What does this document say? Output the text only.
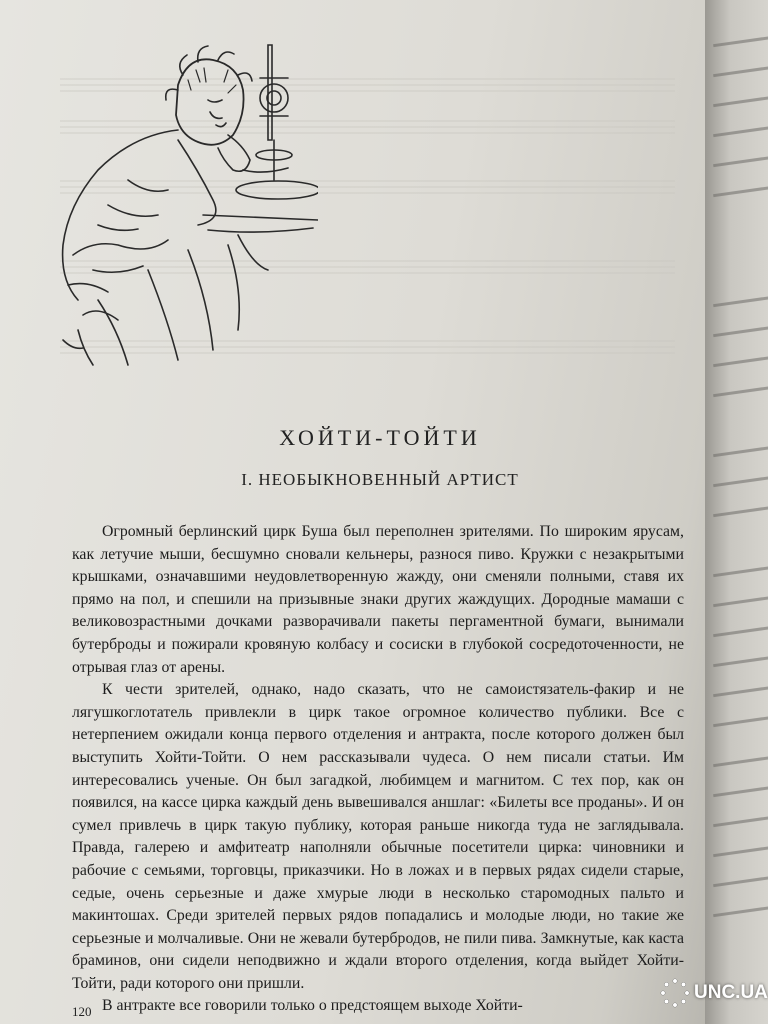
ХОЙТИ-ТОЙТИ
I. НЕОБЫКНОВЕННЫЙ АРТИСТ

Огромный берлинский цирк Буша был переполнен зрителями. По широким ярусам, как летучие мыши, бесшумно сновали кельнеры, разнося пиво. Кружки с незакрытыми крышками, означавшими неудовлетворенную жажду, они сменяли полными, ставя их прямо на пол, и спешили на призывные знаки других жаждущих. Дородные мамаши с великовозрастными дочками разворачивали пакеты пергаментной бумаги, вынимали бутерброды и пожирали кровяную колбасу и сосиски в глубокой сосредоточенности, не отрывая глаз от арены.

К чести зрителей, однако, надо сказать, что не самоистязатель-факир и не лягушкоглотатель привлекли в цирк такое огромное количество публики. Все с нетерпением ожидали конца первого отделения и антракта, после которого должен был выступить Хойти-Тойти. О нем рассказывали чудеса. О нем писали статьи. Им интересовались ученые. Он был загадкой, любимцем и магнитом. С тех пор, как он появился, на кассе цирка каждый день вывешивался аншлаг: «Билеты все проданы». И он сумел привлечь в цирк такую публику, которая раньше никогда туда не заглядывала. Правда, галерею и амфитеатр наполняли обычные посетители цирка: чиновники и рабочие с семьями, торговцы, приказчики. Но в ложах и в первых рядах сидели старые, седые, очень серьезные и даже хмурые люди в несколько старомодных пальто и макинтошах. Среди зрителей первых рядов попадались и молодые люди, но такие же серьезные и молчаливые. Они не жевали бутербродов, не пили пива. Замкнутые, как каста браминов, они сидели неподвижно и ждали второго отделения, когда выйдет Хойти-Тойти, ради которого они пришли.

В антракте все говорили только о предстоящем выходе Хойти-

120
UNC.UA
